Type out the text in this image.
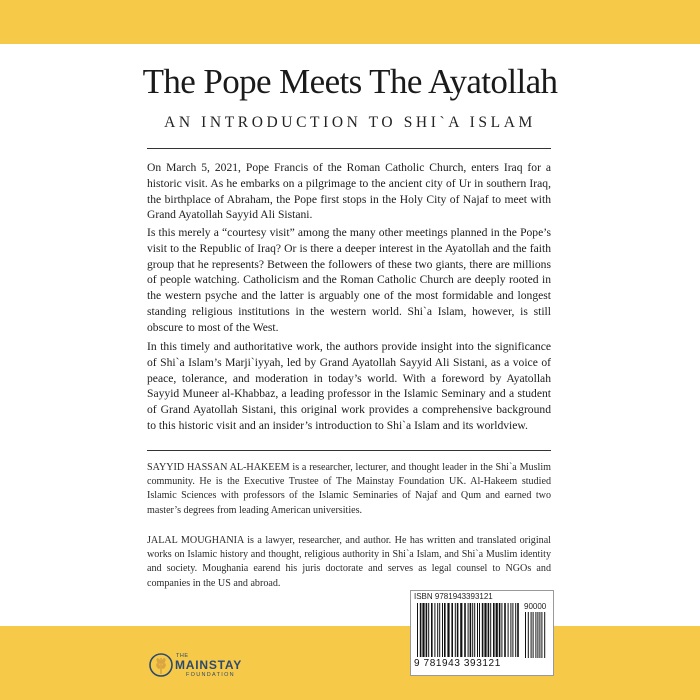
The Pope Meets The Ayatollah
AN INTRODUCTION TO SHI`A ISLAM

On March 5, 2021, Pope Francis of the Roman Catholic Church, enters Iraq for a historic visit. As he embarks on a pilgrimage to the ancient city of Ur in southern Iraq, the birthplace of Abraham, the Pope first stops in the Holy City of Najaf to meet with Grand Ayatollah Sayyid Ali Sistani.

Is this merely a “courtesy visit” among the many other meetings planned in the Pope’s visit to the Republic of Iraq? Or is there a deeper interest in the Ayatollah and the faith group that he represents? Between the followers of these two giants, there are millions of people watching. Catholicism and the Roman Catholic Church are deeply rooted in the western psyche and the latter is arguably one of the most formidable and longest standing religious institutions in the western world. Shi`a Islam, however, is still obscure to most of the West.

In this timely and authoritative work, the authors provide insight into the significance of Shi`a Islam’s Marji`iyyah, led by Grand Ayatollah Sayyid Ali Sistani, as a voice of peace, tolerance, and moderation in today’s world. With a foreword by Ayatollah Sayyid Muneer al-Khabbaz, a leading professor in the Islamic Seminary and a student of Grand Ayatollah Sistani, this original work provides a comprehensive background to this historic visit and an insider’s introduction to Shi`a Islam and its worldview.

SAYYID HASSAN AL-HAKEEM is a researcher, lecturer, and thought leader in the Shi`a Muslim community. He is the Executive Trustee of The Mainstay Foundation UK. Al-Hakeem studied Islamic Sciences with professors of the Islamic Seminaries of Najaf and Qum and earned two master’s degrees from leading American universities.

JALAL MOUGHANIA is a lawyer, researcher, and author. He has written and translated original works on Islamic history and thought, religious authority in Shi`a Islam, and Shi`a Muslim identity and society. Moughania earend his juris doctorate and serves as legal counsel to NGOs and companies in the US and abroad.

ISBN 9781943393121
90000
9 781943 393121
THE
MAINSTAY
FOUNDATION
